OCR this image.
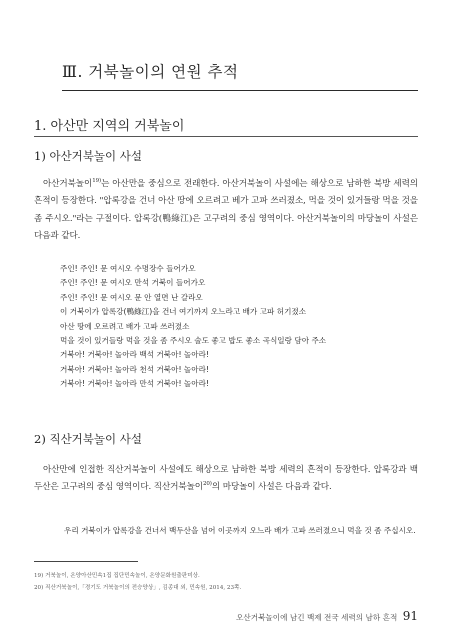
Ⅲ. 거북놀이의 연원 추적
1. 아산만 지역의 거북놀이
1) 아산거북놀이 사설

아산거북놀이$^{19)}$는 아산만을 중심으로 전래한다. 아산거북놀이 사설에는 해상으로 남하한 북방 세력의 흔적이 등장한다. "압록강을 건너 아산 땅에 오르려고 베가 고파 쓰러졌소, 먹을 것이 있거들랑 먹을 것을 좀 주시오."라는 구절이다. 압록강(鴨綠江)은 고구려의 중심 영역이다. 아산거북놀이의 마당놀이 사설은 다음과 같다.

주인! 주인! 문 여시오 수명장수 들어가오
주인! 주인! 문 여시오 만석 거북이 들어가오
주인! 주인! 문 여시오 문 안 열면 난 갈라오
이 거북이가 압록강(鴨綠江)을 건너 여기까지 오느라고 배가 고파 허기졌소
아산 땅에 오르려고 배가 고파 쓰러졌소
먹을 것이 있거들랑 먹을 것을 좀 주시오 술도 좋고 밥도 좋소 곡식일랑 담아 주소
거북아! 거북아! 놀아라 백석 거북아! 놀아라!
거북아! 거북아! 놀아라 천석 거북아! 놀아라!
거북아! 거북아! 놀아라 만석 거북아! 놀아라!
2) 직산거북놀이 사설

아산만에 인접한 직산거북놀이 사설에도 해상으로 남하한 북방 세력의 흔적이 등장한다. 압록강과 백두산은 고구려의 중심 영역이다. 직산거북놀이$^{20)}$의 마당놀이 사설은 다음과 같다.

우리 거북이가 압록강을 건너서 백두산을 넘어 이곳까지 오느라 배가 고파 쓰러졌으니 먹을 것 좀 주십시오.

19) 거북놀이, 온양아산민속1집 집단민속놀이, 온양문화원출판미상.
20) 직산거북놀이,「경기도 거북놀이의 전승양상」, 김종대 외, 민속원, 2014, 23쪽.
오산거북놀이에 남긴 백제 전국 세력의 남하 흔적 91
